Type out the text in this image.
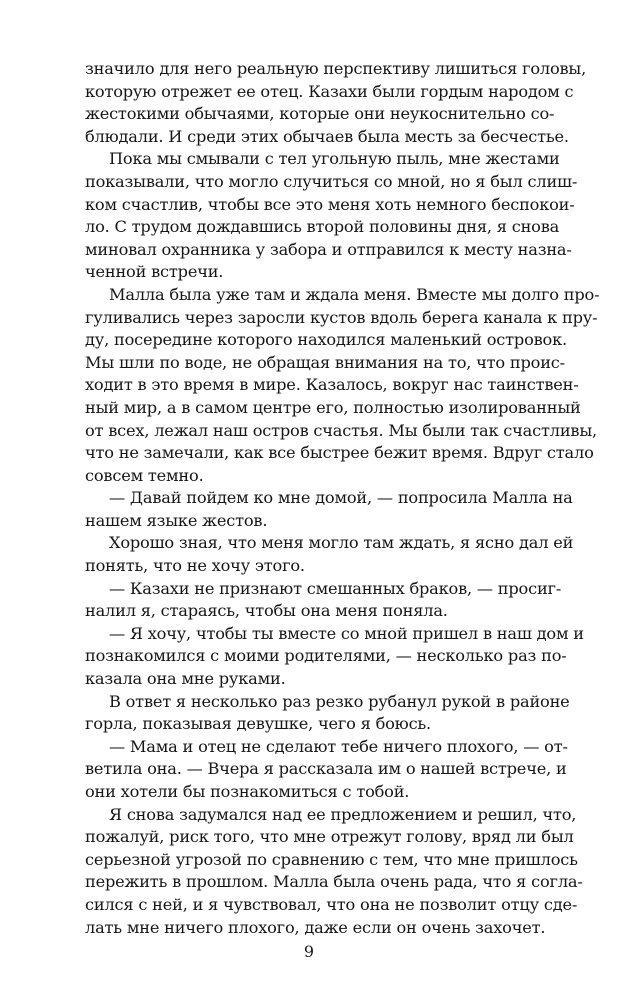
значило для него реальную перспективу лишиться головы,
которую отрежет ее отец. Казахи были гордым народом с
жестокими обычаями, которые они неукоснительно со-
блюдали. И среди этих обычаев была месть за бесчестье.
Пока мы смывали с тел угольную пыль, мне жестами
показывали, что могло случиться со мной, но я был слиш-
ком счастлив, чтобы все это меня хоть немного беспокои-
ло. С трудом дождавшись второй половины дня, я снова
миновал охранника у забора и отправился к месту назна-
ченной встречи.
Малла была уже там и ждала меня. Вместе мы долго про-
гуливались через заросли кустов вдоль берега канала к пру-
ду, посередине которого находился маленький островок.
Мы шли по воде, не обращая внимания на то, что проис-
ходит в это время в мире. Казалось, вокруг нас таинствен-
ный мир, а в самом центре его, полностью изолированный
от всех, лежал наш остров счастья. Мы были так счастливы,
что не замечали, как все быстрее бежит время. Вдруг стало
совсем темно.
— Давай пойдем ко мне домой, — попросила Малла на
нашем языке жестов.
Хорошо зная, что меня могло там ждать, я ясно дал ей
понять, что не хочу этого.
— Казахи не признают смешанных браков, — просиг-
налил я, стараясь, чтобы она меня поняла.
— Я хочу, чтобы ты вместе со мной пришел в наш дом и
познакомился с моими родителями, — несколько раз по-
казала она мне руками.
В ответ я несколько раз резко рубанул рукой в районе
горла, показывая девушке, чего я боюсь.
— Мама и отец не сделают тебе ничего плохого, — от-
ветила она. — Вчера я рассказала им о нашей встрече, и
они хотели бы познакомиться с тобой.
Я снова задумался над ее предложением и решил, что,
пожалуй, риск того, что мне отрежут голову, вряд ли был
серьезной угрозой по сравнению с тем, что мне пришлось
пережить в прошлом. Малла была очень рада, что я согла-
сился с ней, и я чувствовал, что она не позволит отцу сде-
лать мне ничего плохого, даже если он очень захочет.
9
